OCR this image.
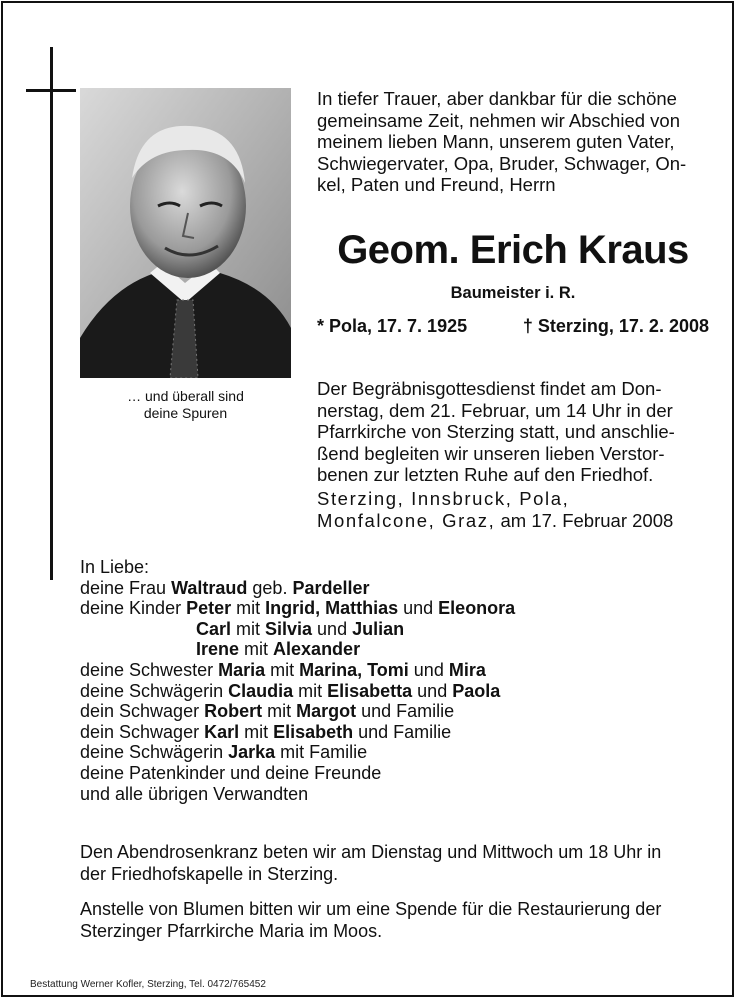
… und überall sind
deine Spuren
In tiefer Trauer, aber dankbar für die schöne
gemeinsame Zeit, nehmen wir Abschied von
meinem lieben Mann, unserem guten Vater,
Schwiegervater, Opa, Bruder, Schwager, On-
kel, Paten und Freund, Herrn
Geom. Erich Kraus
Baumeister i. R.
* Pola, 17. 7. 1925	† Sterzing, 17. 2. 2008
Der Begräbnisgottesdienst findet am Don-
nerstag, dem 21. Februar, um 14 Uhr in der
Pfarrkirche von Sterzing statt, und anschlie-
ßend begleiten wir unseren lieben Verstor-
benen zur letzten Ruhe auf den Friedhof.
Sterzing, Innsbruck, Pola,
Monfalcone, Graz, am 17. Februar 2008
In Liebe:
deine Frau Waltraud geb. Pardeller
deine Kinder Peter mit Ingrid, Matthias und Eleonora
Carl mit Silvia und Julian
Irene mit Alexander
deine Schwester Maria mit Marina, Tomi und Mira
deine Schwägerin Claudia mit Elisabetta und Paola
dein Schwager Robert mit Margot und Familie
dein Schwager Karl mit Elisabeth und Familie
deine Schwägerin Jarka mit Familie
deine Patenkinder und deine Freunde
und alle übrigen Verwandten
Den Abendrosenkranz beten wir am Dienstag und Mittwoch um 18 Uhr in
der Friedhofskapelle in Sterzing.
Anstelle von Blumen bitten wir um eine Spende für die Restaurierung der
Sterzinger Pfarrkirche Maria im Moos.
Bestattung Werner Kofler, Sterzing, Tel. 0472/765452
